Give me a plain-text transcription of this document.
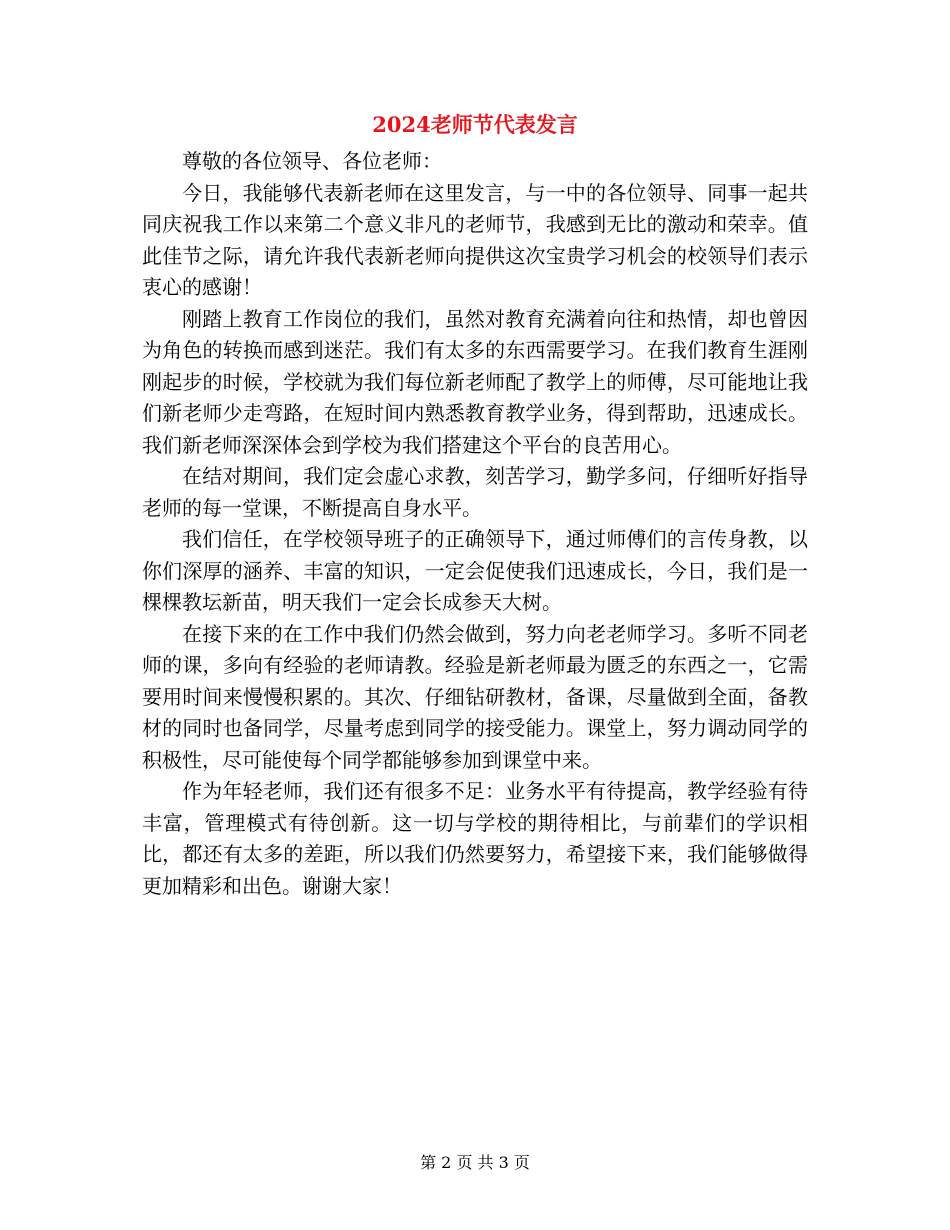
2024老师节代表发言

尊敬的各位领导、各位老师：

今日，我能够代表新老师在这里发言，与一中的各位领导、同事一起共同庆祝我工作以来第二个意义非凡的老师节，我感到无比的激动和荣幸。值此佳节之际，请允许我代表新老师向提供这次宝贵学习机会的校领导们表示衷心的感谢！

刚踏上教育工作岗位的我们，虽然对教育充满着向往和热情，却也曾因为角色的转换而感到迷茫。我们有太多的东西需要学习。在我们教育生涯刚刚起步的时候，学校就为我们每位新老师配了教学上的师傅，尽可能地让我们新老师少走弯路，在短时间内熟悉教育教学业务，得到帮助，迅速成长。我们新老师深深体会到学校为我们搭建这个平台的良苦用心。

在结对期间，我们定会虚心求教，刻苦学习，勤学多问，仔细听好指导老师的每一堂课，不断提高自身水平。

我们信任，在学校领导班子的正确领导下，通过师傅们的言传身教，以你们深厚的涵养、丰富的知识，一定会促使我们迅速成长，今日，我们是一棵棵教坛新苗，明天我们一定会长成参天大树。

在接下来的在工作中我们仍然会做到，努力向老老师学习。多听不同老师的课，多向有经验的老师请教。经验是新老师最为匮乏的东西之一，它需要用时间来慢慢积累的。其次、仔细钻研教材，备课，尽量做到全面，备教材的同时也备同学，尽量考虑到同学的接受能力。课堂上，努力调动同学的积极性，尽可能使每个同学都能够参加到课堂中来。

作为年轻老师，我们还有很多不足：业务水平有待提高，教学经验有待丰富，管理模式有待创新。这一切与学校的期待相比，与前辈们的学识相比，都还有太多的差距，所以我们仍然要努力，希望接下来，我们能够做得更加精彩和出色。谢谢大家！

第 2 页 共 3 页
